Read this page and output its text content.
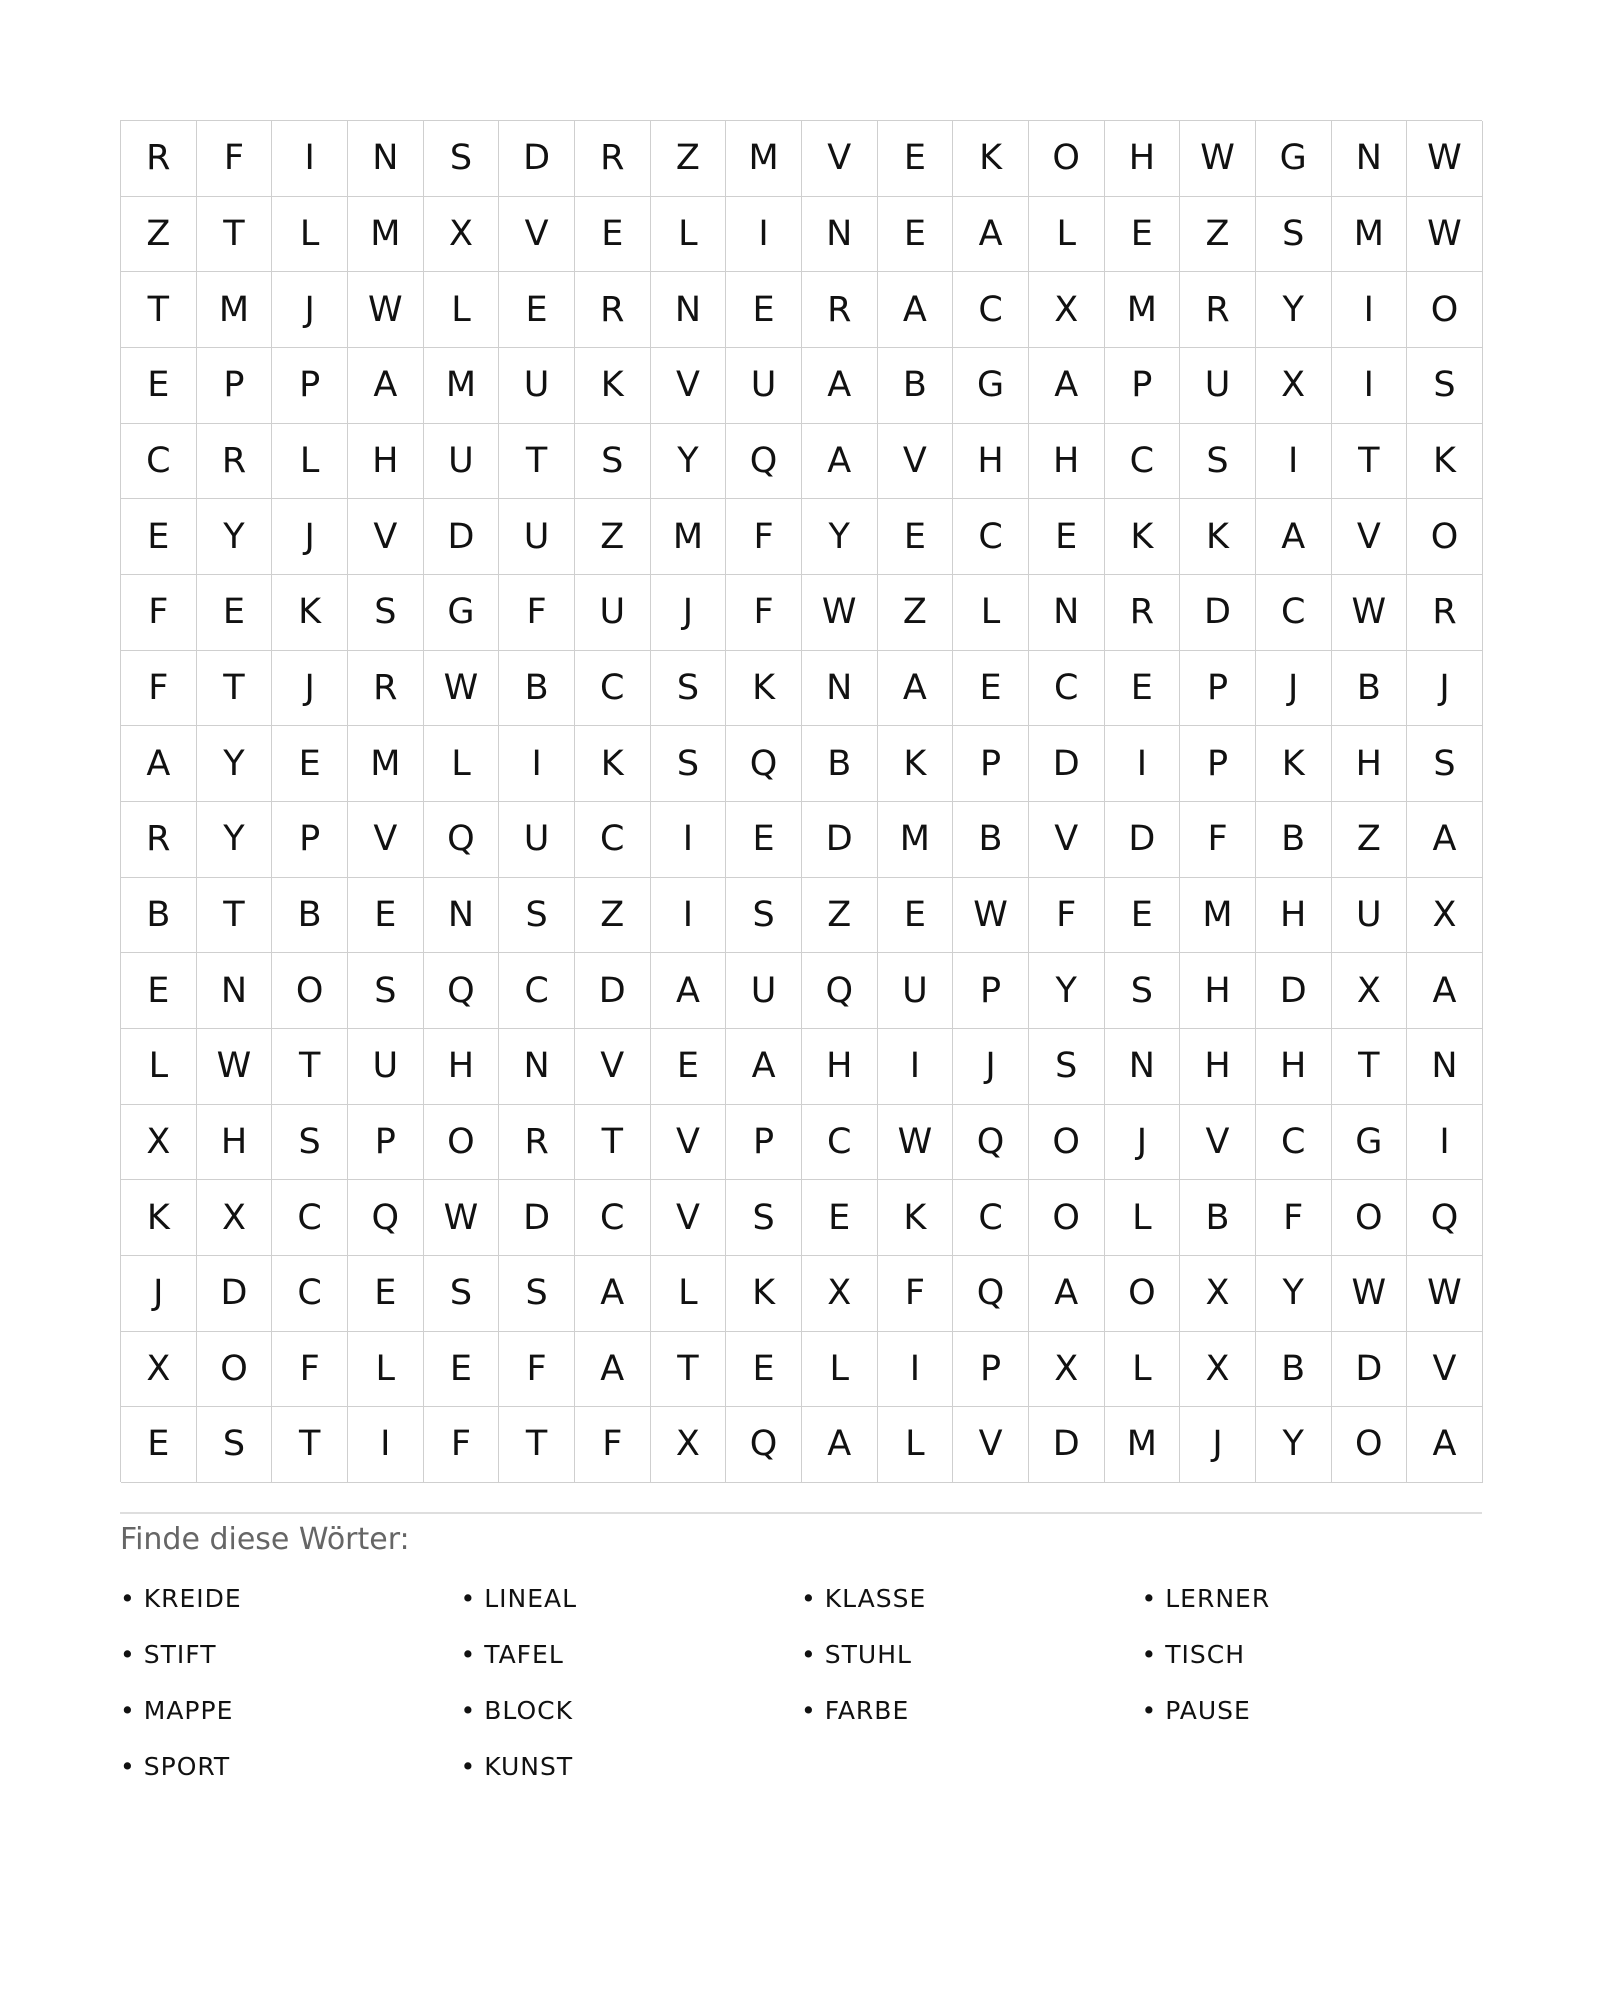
R	F	I	N	S	D	R	Z	M	V	E	K	O	H	W	G	N	W
Z	T	L	M	X	V	E	L	I	N	E	A	L	E	Z	S	M	W
T	M	J	W	L	E	R	N	E	R	A	C	X	M	R	Y	I	O
E	P	P	A	M	U	K	V	U	A	B	G	A	P	U	X	I	S
C	R	L	H	U	T	S	Y	Q	A	V	H	H	C	S	I	T	K
E	Y	J	V	D	U	Z	M	F	Y	E	C	E	K	K	A	V	O
F	E	K	S	G	F	U	J	F	W	Z	L	N	R	D	C	W	R
F	T	J	R	W	B	C	S	K	N	A	E	C	E	P	J	B	J
A	Y	E	M	L	I	K	S	Q	B	K	P	D	I	P	K	H	S
R	Y	P	V	Q	U	C	I	E	D	M	B	V	D	F	B	Z	A
B	T	B	E	N	S	Z	I	S	Z	E	W	F	E	M	H	U	X
E	N	O	S	Q	C	D	A	U	Q	U	P	Y	S	H	D	X	A
L	W	T	U	H	N	V	E	A	H	I	J	S	N	H	H	T	N
X	H	S	P	O	R	T	V	P	C	W	Q	O	J	V	C	G	I
K	X	C	Q	W	D	C	V	S	E	K	C	O	L	B	F	O	Q
J	D	C	E	S	S	A	L	K	X	F	Q	A	O	X	Y	W	W
X	O	F	L	E	F	A	T	E	L	I	P	X	L	X	B	D	V
E	S	T	I	F	T	F	X	Q	A	L	V	D	M	J	Y	O	A
Finde diese Wörter:
• KREIDE	• LINEAL	• KLASSE	• LERNER
• STIFT	• TAFEL	• STUHL	• TISCH
• MAPPE	• BLOCK	• FARBE	• PAUSE
• SPORT	• KUNST
